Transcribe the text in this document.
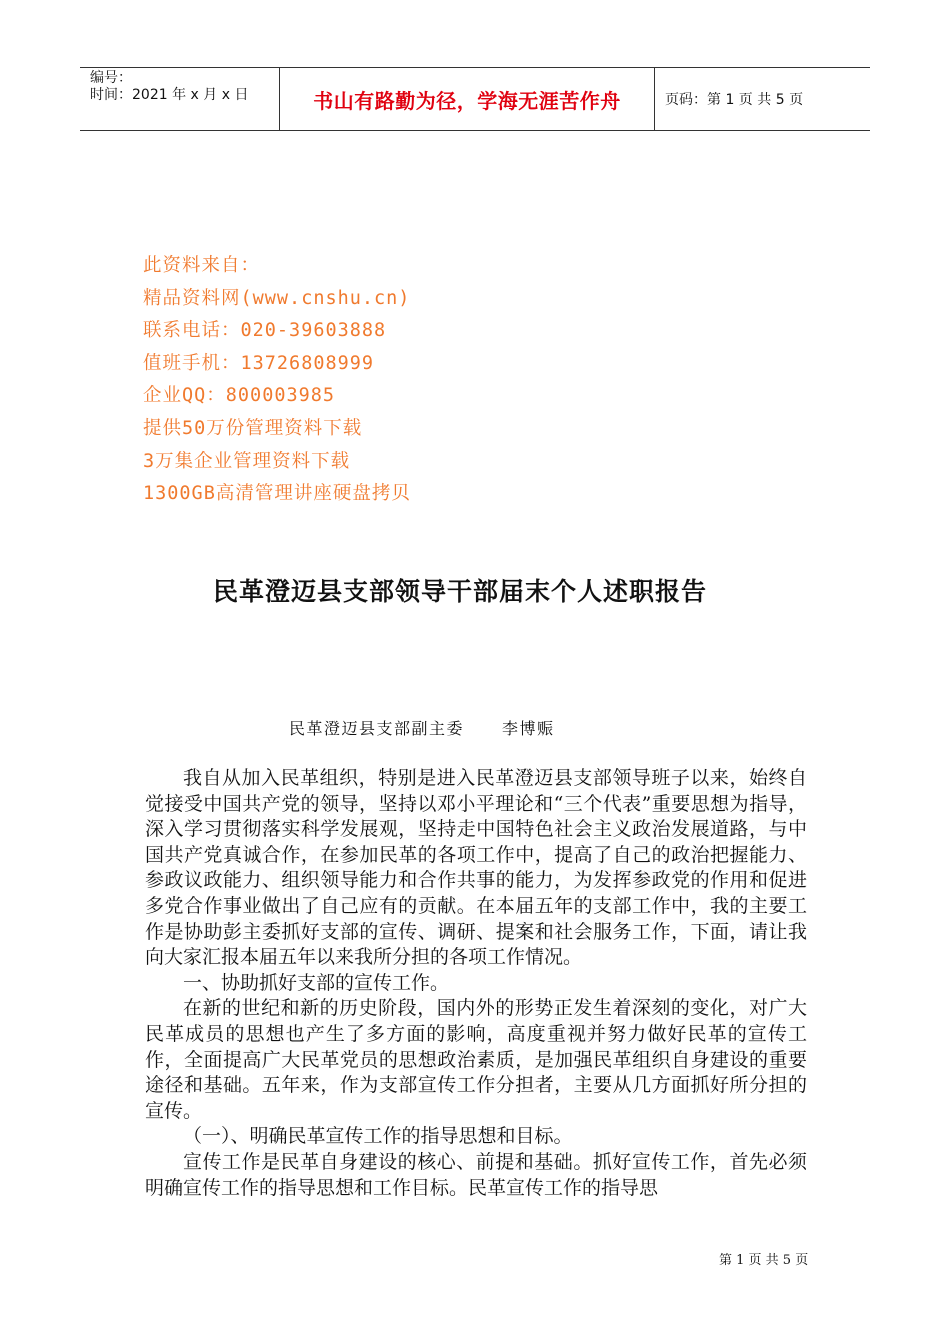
编号：
时间：2021 年 x 月 x 日	书山有路勤为径，学海无涯苦作舟	页码：第 1 页 共 5 页
此资料来自：
精品资料网(www.cnshu.cn)
联系电话：020-39603888
值班手机：13726808999
企业QQ：800003985
提供50万份管理资料下载
3万集企业管理资料下载
1300GB高清管理讲座硬盘拷贝
民革澄迈县支部领导干部届末个人述职报告
民革澄迈县支部副主委 李博赈

我自从加入民革组织，特别是进入民革澄迈县支部领导班子以来，始终自觉接受中国共产党的领导，坚持以邓小平理论和“三个代表”重要思想为指导，深入学习贯彻落实科学发展观，坚持走中国特色社会主义政治发展道路，与中国共产党真诚合作，在参加民革的各项工作中，提高了自己的政治把握能力、参政议政能力、组织领导能力和合作共事的能力，为发挥参政党的作用和促进多党合作事业做出了自己应有的贡献。在本届五年的支部工作中，我的主要工作是协助彭主委抓好支部的宣传、调研、提案和社会服务工作，下面，请让我向大家汇报本届五年以来我所分担的各项工作情况。

一、协助抓好支部的宣传工作。

在新的世纪和新的历史阶段，国内外的形势正发生着深刻的变化，对广大民革成员的思想也产生了多方面的影响，高度重视并努力做好民革的宣传工作，全面提高广大民革党员的思想政治素质，是加强民革组织自身建设的重要途径和基础。五年来，作为支部宣传工作分担者，主要从几方面抓好所分担的宣传。

（一）、明确民革宣传工作的指导思想和目标。

宣传工作是民革自身建设的核心、前提和基础。抓好宣传工作，首先必须明确宣传工作的指导思想和工作目标。民革宣传工作的指导思

第 1 页 共 5 页
